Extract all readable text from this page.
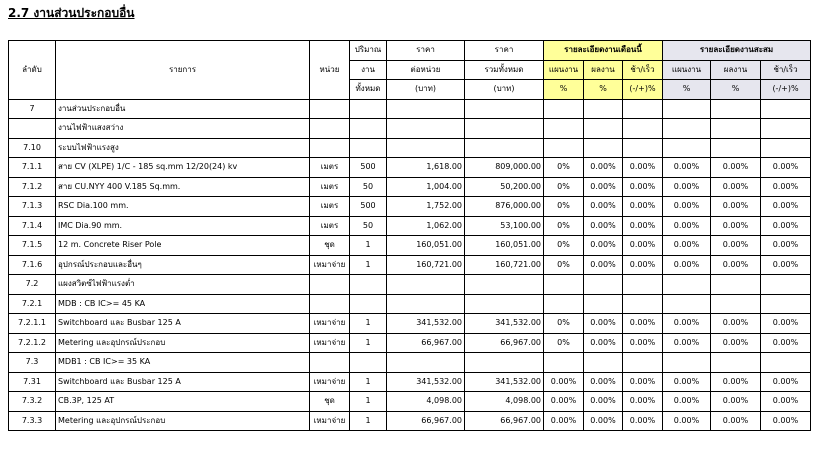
2.7 งานส่วนประกอบอื่น
ลำดับ	รายการ	หน่วย	ปริมาณ	ราคา	ราคา	รายละเอียดงานเดือนนี้			รายละเอียดงานสะสม		
			งาน	ต่อหน่วย	รวมทั้งหมด	แผนงาน	ผลงาน	ช้า/เร็ว	แผนงาน	ผลงาน	ช้า/เร็ว
			ทั้งหมด	(บาท)	(บาท)	%	%	(-/+)%	%	%	(-/+)%
7	งานส่วนประกอบอื่น										
	งานไฟฟ้าแสงสว่าง										
7.10	ระบบไฟฟ้าแรงสูง										
7.1.1	สาย CV (XLPE) 1/C - 185 sq.mm 12/20(24) kv	เมตร	500	1,618.00	809,000.00	0%	0.00%	0.00%	0.00%	0.00%	0.00%
7.1.2	สาย CU.NYY 400 V.185 Sq.mm.	เมตร	50	1,004.00	50,200.00	0%	0.00%	0.00%	0.00%	0.00%	0.00%
7.1.3	RSC Dia.100 mm.	เมตร	500	1,752.00	876,000.00	0%	0.00%	0.00%	0.00%	0.00%	0.00%
7.1.4	IMC Dia.90 mm.	เมตร	50	1,062.00	53,100.00	0%	0.00%	0.00%	0.00%	0.00%	0.00%
7.1.5	12 m. Concrete Riser Pole	ชุด	1	160,051.00	160,051.00	0%	0.00%	0.00%	0.00%	0.00%	0.00%
7.1.6	อุปกรณ์ประกอบและอื่นๆ	เหมาจ่าย	1	160,721.00	160,721.00	0%	0.00%	0.00%	0.00%	0.00%	0.00%
7.2	แผงสวิตซ์ไฟฟ้าแรงต่ำ										
7.2.1	MDB : CB IC>= 45 KA										
7.2.1.1	Switchboard และ Busbar 125 A	เหมาจ่าย	1	341,532.00	341,532.00	0%	0.00%	0.00%	0.00%	0.00%	0.00%
7.2.1.2	Metering และอุปกรณ์ประกอบ	เหมาจ่าย	1	66,967.00	66,967.00	0%	0.00%	0.00%	0.00%	0.00%	0.00%
7.3	MDB1 : CB IC>= 35 KA										
7.31	Switchboard และ Busbar 125 A	เหมาจ่าย	1	341,532.00	341,532.00	0.00%	0.00%	0.00%	0.00%	0.00%	0.00%
7.3.2	CB.3P, 125 AT	ชุด	1	4,098.00	4,098.00	0.00%	0.00%	0.00%	0.00%	0.00%	0.00%
7.3.3	Metering และอุปกรณ์ประกอบ	เหมาจ่าย	1	66,967.00	66,967.00	0.00%	0.00%	0.00%	0.00%	0.00%	0.00%
